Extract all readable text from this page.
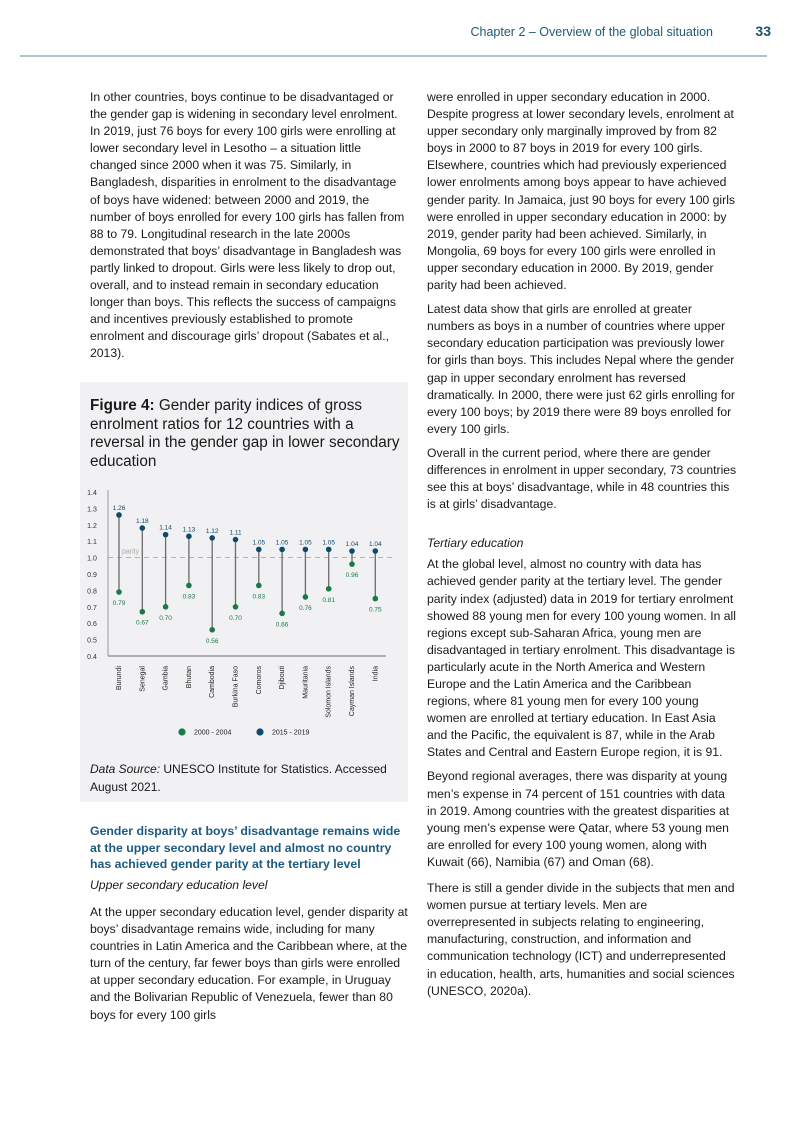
Chapter 2 – Overview of the global situation	33

In other countries, boys continue to be disadvantaged or the gender gap is widening in secondary level enrolment. In 2019, just 76 boys for every 100 girls were enrolling at lower secondary level in Lesotho – a situation little changed since 2000 when it was 75. Similarly, in Bangladesh, disparities in enrolment to the disadvantage of boys have widened: between 2000 and 2019, the number of boys enrolled for every 100 girls has fallen from 88 to 79. Longitudinal research in the late 2000s demonstrated that boys’ disadvantage in Bangladesh was partly linked to dropout. Girls were less likely to drop out, overall, and to instead remain in secondary education longer than boys. This reflects the success of campaigns and incentives previously established to promote enrolment and discourage girls’ dropout (Sabates et al., 2013).

Figure 4: Gender parity indices of gross enrolment ratios for 12 countries with a reversal in the gender gap in lower secondary education
0.4
0.5
0.6
0.7
0.8
0.9
1.0
1.1
1.2
1.3
1.4
parity
1.26
0.79
Burundi
1.18
0.67
Senegal
1.14
0.70
Gambia
1.13
0.83
Bhutan
1.12
0.56
Cambodia
1.11
0.70
Burkina Faso
1.05
0.83
Comoros
1.05
0.66
Djibouti
1.05
0.76
Mauritania
1.05
0.81
Solomon Islands
1.04
0.96
Cayman Islands
1.04
0.75
India
2000 - 2004	2015 - 2019
Data Source: UNESCO Institute for Statistics. Accessed August 2021.
Gender disparity at boys’ disadvantage remains wide at the upper secondary level and almost no country has achieved gender parity at the tertiary level
Upper secondary education level

At the upper secondary education level, gender disparity at boys’ disadvantage remains wide, including for many countries in Latin America and the Caribbean where, at the turn of the century, far fewer boys than girls were enrolled at upper secondary education. For example, in Uruguay and the Bolivarian Republic of Venezuela, fewer than 80 boys for every 100 girls

were enrolled in upper secondary education in 2000. Despite progress at lower secondary levels, enrolment at upper secondary only marginally improved by from 82 boys in 2000 to 87 boys in 2019 for every 100 girls. Elsewhere, countries which had previously experienced lower enrolments among boys appear to have achieved gender parity. In Jamaica, just 90 boys for every 100 girls were enrolled in upper secondary education in 2000: by 2019, gender parity had been achieved. Similarly, in Mongolia, 69 boys for every 100 girls were enrolled in upper secondary education in 2000. By 2019, gender parity had been achieved.

Latest data show that girls are enrolled at greater numbers as boys in a number of countries where upper secondary education participation was previously lower for girls than boys. This includes Nepal where the gender gap in upper secondary enrolment has reversed dramatically. In 2000, there were just 62 girls enrolling for every 100 boys; by 2019 there were 89 boys enrolled for every 100 girls.

Overall in the current period, where there are gender differences in enrolment in upper secondary, 73 countries see this at boys’ disadvantage, while in 48 countries this is at girls’ disadvantage.

Tertiary education

At the global level, almost no country with data has achieved gender parity at the tertiary level. The gender parity index (adjusted) data in 2019 for tertiary enrolment showed 88 young men for every 100 young women. In all regions except sub-Saharan Africa, young men are disadvantaged in tertiary enrolment. This disadvantage is particularly acute in the North America and Western Europe and the Latin America and the Caribbean regions, where 81 young men for every 100 young women are enrolled at tertiary education. In East Asia and the Pacific, the equivalent is 87, while in the Arab States and Central and Eastern Europe region, it is 91.

Beyond regional averages, there was disparity at young men’s expense in 74 percent of 151 countries with data in 2019. Among countries with the greatest disparities at young men’s expense were Qatar, where 53 young men are enrolled for every 100 young women, along with Kuwait (66), Namibia (67) and Oman (68).

There is still a gender divide in the subjects that men and women pursue at tertiary levels. Men are overrepresented in subjects relating to engineering, manufacturing, construction, and information and communication technology (ICT) and underrepresented in education, health, arts, humanities and social sciences (UNESCO, 2020a).
